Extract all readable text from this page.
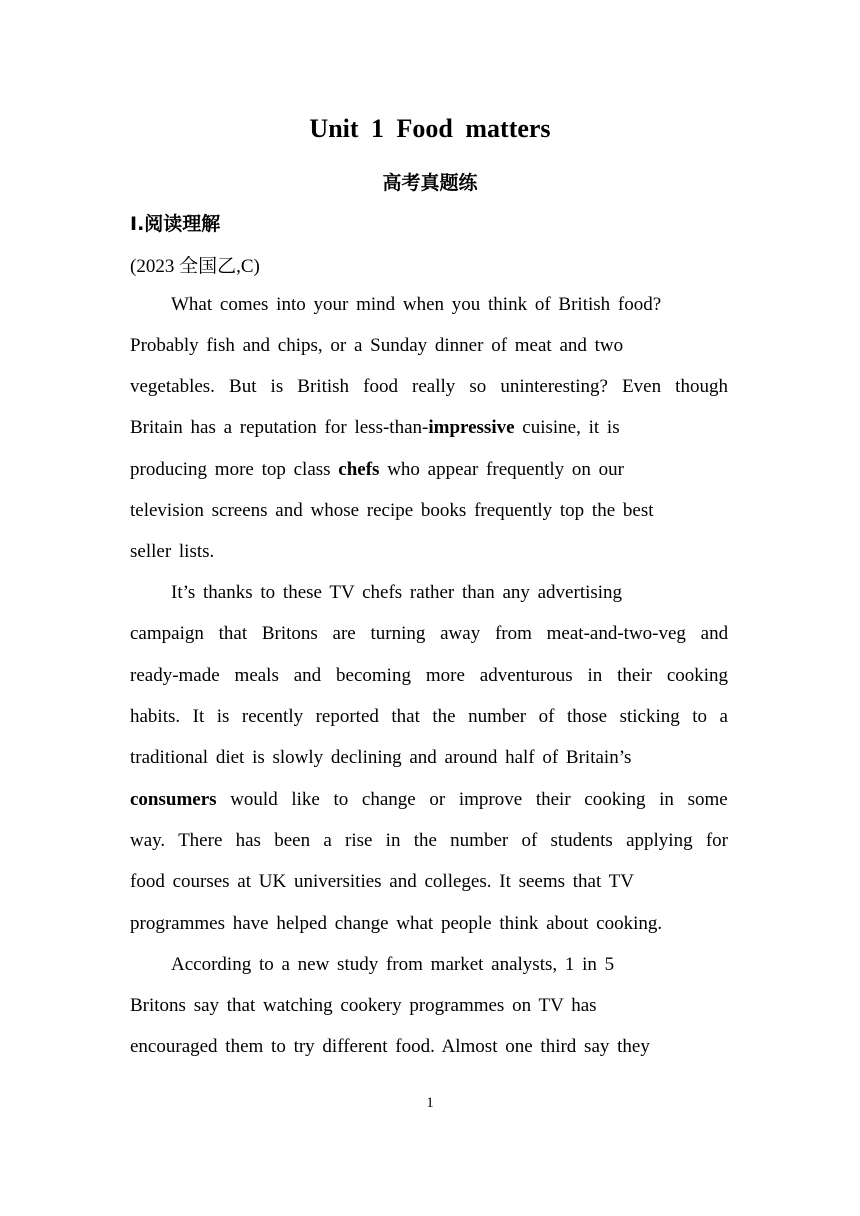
Unit 1 Food matters
高考真题练
Ⅰ.阅读理解
(2023 全国乙,C)
What comes into your mind when you think of British food?
Probably fish and chips, or a Sunday dinner of meat and two
vegetables. But is British food really so uninteresting? Even though
Britain has a reputation for less-than-impressive cuisine, it is
producing more top class chefs who appear frequently on our
television screens and whose recipe books frequently top the best
seller lists.
It’s thanks to these TV chefs rather than any advertising
campaign that Britons are turning away from meat-and-two-veg and
ready-made meals and becoming more adventurous in their cooking
habits. It is recently reported that the number of those sticking to a
traditional diet is slowly declining and around half of Britain’s
consumers would like to change or improve their cooking in some
way. There has been a rise in the number of students applying for
food courses at UK universities and colleges. It seems that TV
programmes have helped change what people think about cooking.
According to a new study from market analysts, 1 in 5
Britons say that watching cookery programmes on TV has
encouraged them to try different food. Almost one third say they
1
